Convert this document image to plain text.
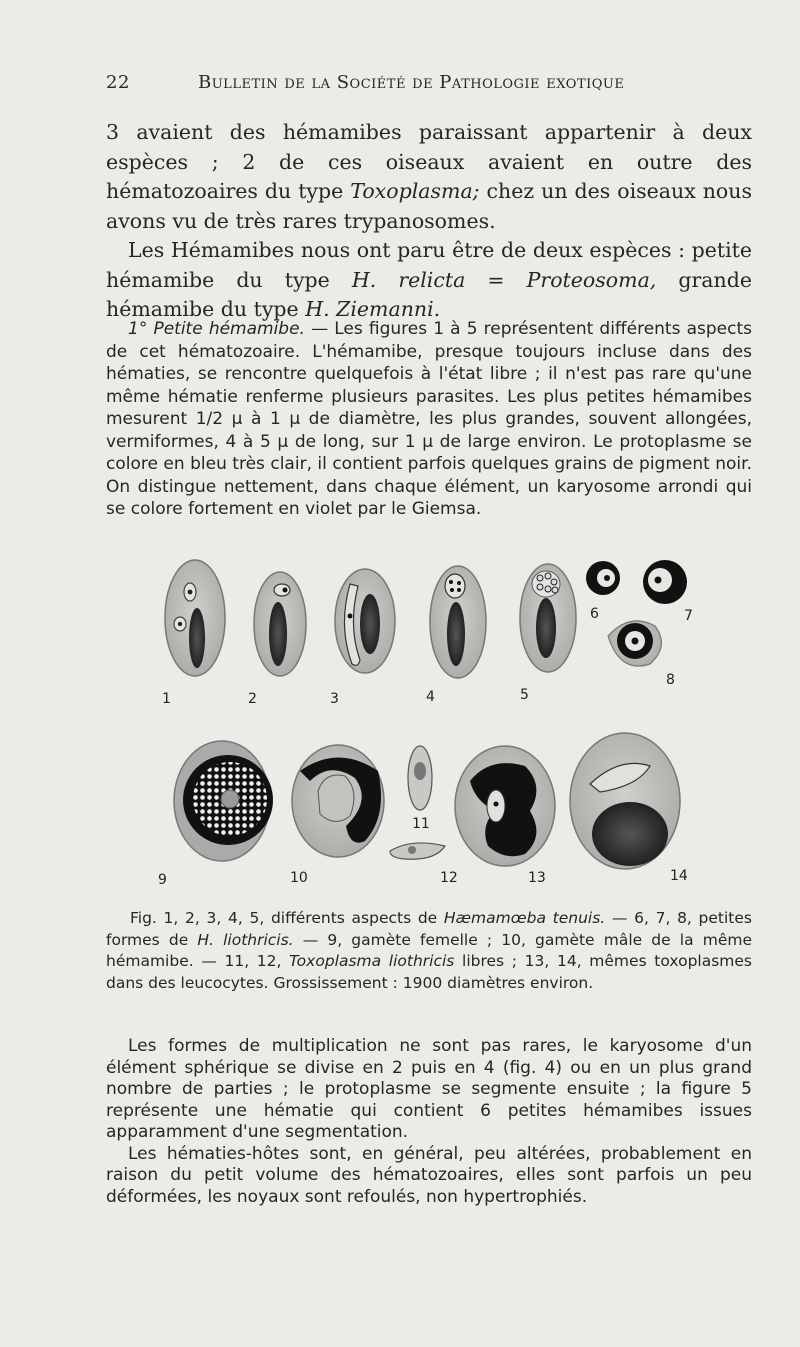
22	Bulletin de la Société de Pathologie exotique

3 avaient des hémamibes paraissant appartenir à deux espèces ; 2 de ces oiseaux avaient en outre des hématozoaires du type Toxoplasma; chez un des oiseaux nous avons vu de très rares trypanosomes.

Les Hémamibes nous ont paru être de deux espèces : petite hémamibe du type H. relicta = Proteosoma, grande hémamibe du type H. Ziemanni.

1° Petite hémamibe. — Les figures 1 à 5 représentent différents aspects de cet hématozoaire. L'hémamibe, presque toujours incluse dans des hématies, se rencontre quelquefois à l'état libre ; il n'est pas rare qu'une même hématie renferme plusieurs parasites. Les plus petites hémamibes mesurent 1/2 μ à 1 μ de diamètre, les plus grandes, souvent allongées, vermiformes, 4 à 5 μ de long, sur 1 μ de large environ. Le protoplasme se colore en bleu très clair, il contient parfois quelques grains de pigment noir. On distingue nettement, dans chaque élément, un karyosome arrondi qui se colore fortement en violet par le Giemsa.

1	2	3	4	5
6	7
8
9	10
11
12	13	14

Fig. 1, 2, 3, 4, 5, différents aspects de Hæmamœba tenuis. — 6, 7, 8, petites formes de H. liothricis. — 9, gamète femelle ; 10, gamète mâle de la même hémamibe. — 11, 12, Toxoplasma liothricis libres ; 13, 14, mêmes toxoplasmes dans des leucocytes. Grossissement : 1900 diamètres environ.

Les formes de multiplication ne sont pas rares, le karyosome d'un élément sphérique se divise en 2 puis en 4 (fig. 4) ou en un plus grand nombre de parties ; le protoplasme se segmente ensuite ; la figure 5 représente une hématie qui contient 6 petites hémamibes issues apparamment d'une segmentation.

Les hématies-hôtes sont, en général, peu altérées, probablement en raison du petit volume des hématozoaires, elles sont parfois un peu déformées, les noyaux sont refoulés, non hypertrophiés.
